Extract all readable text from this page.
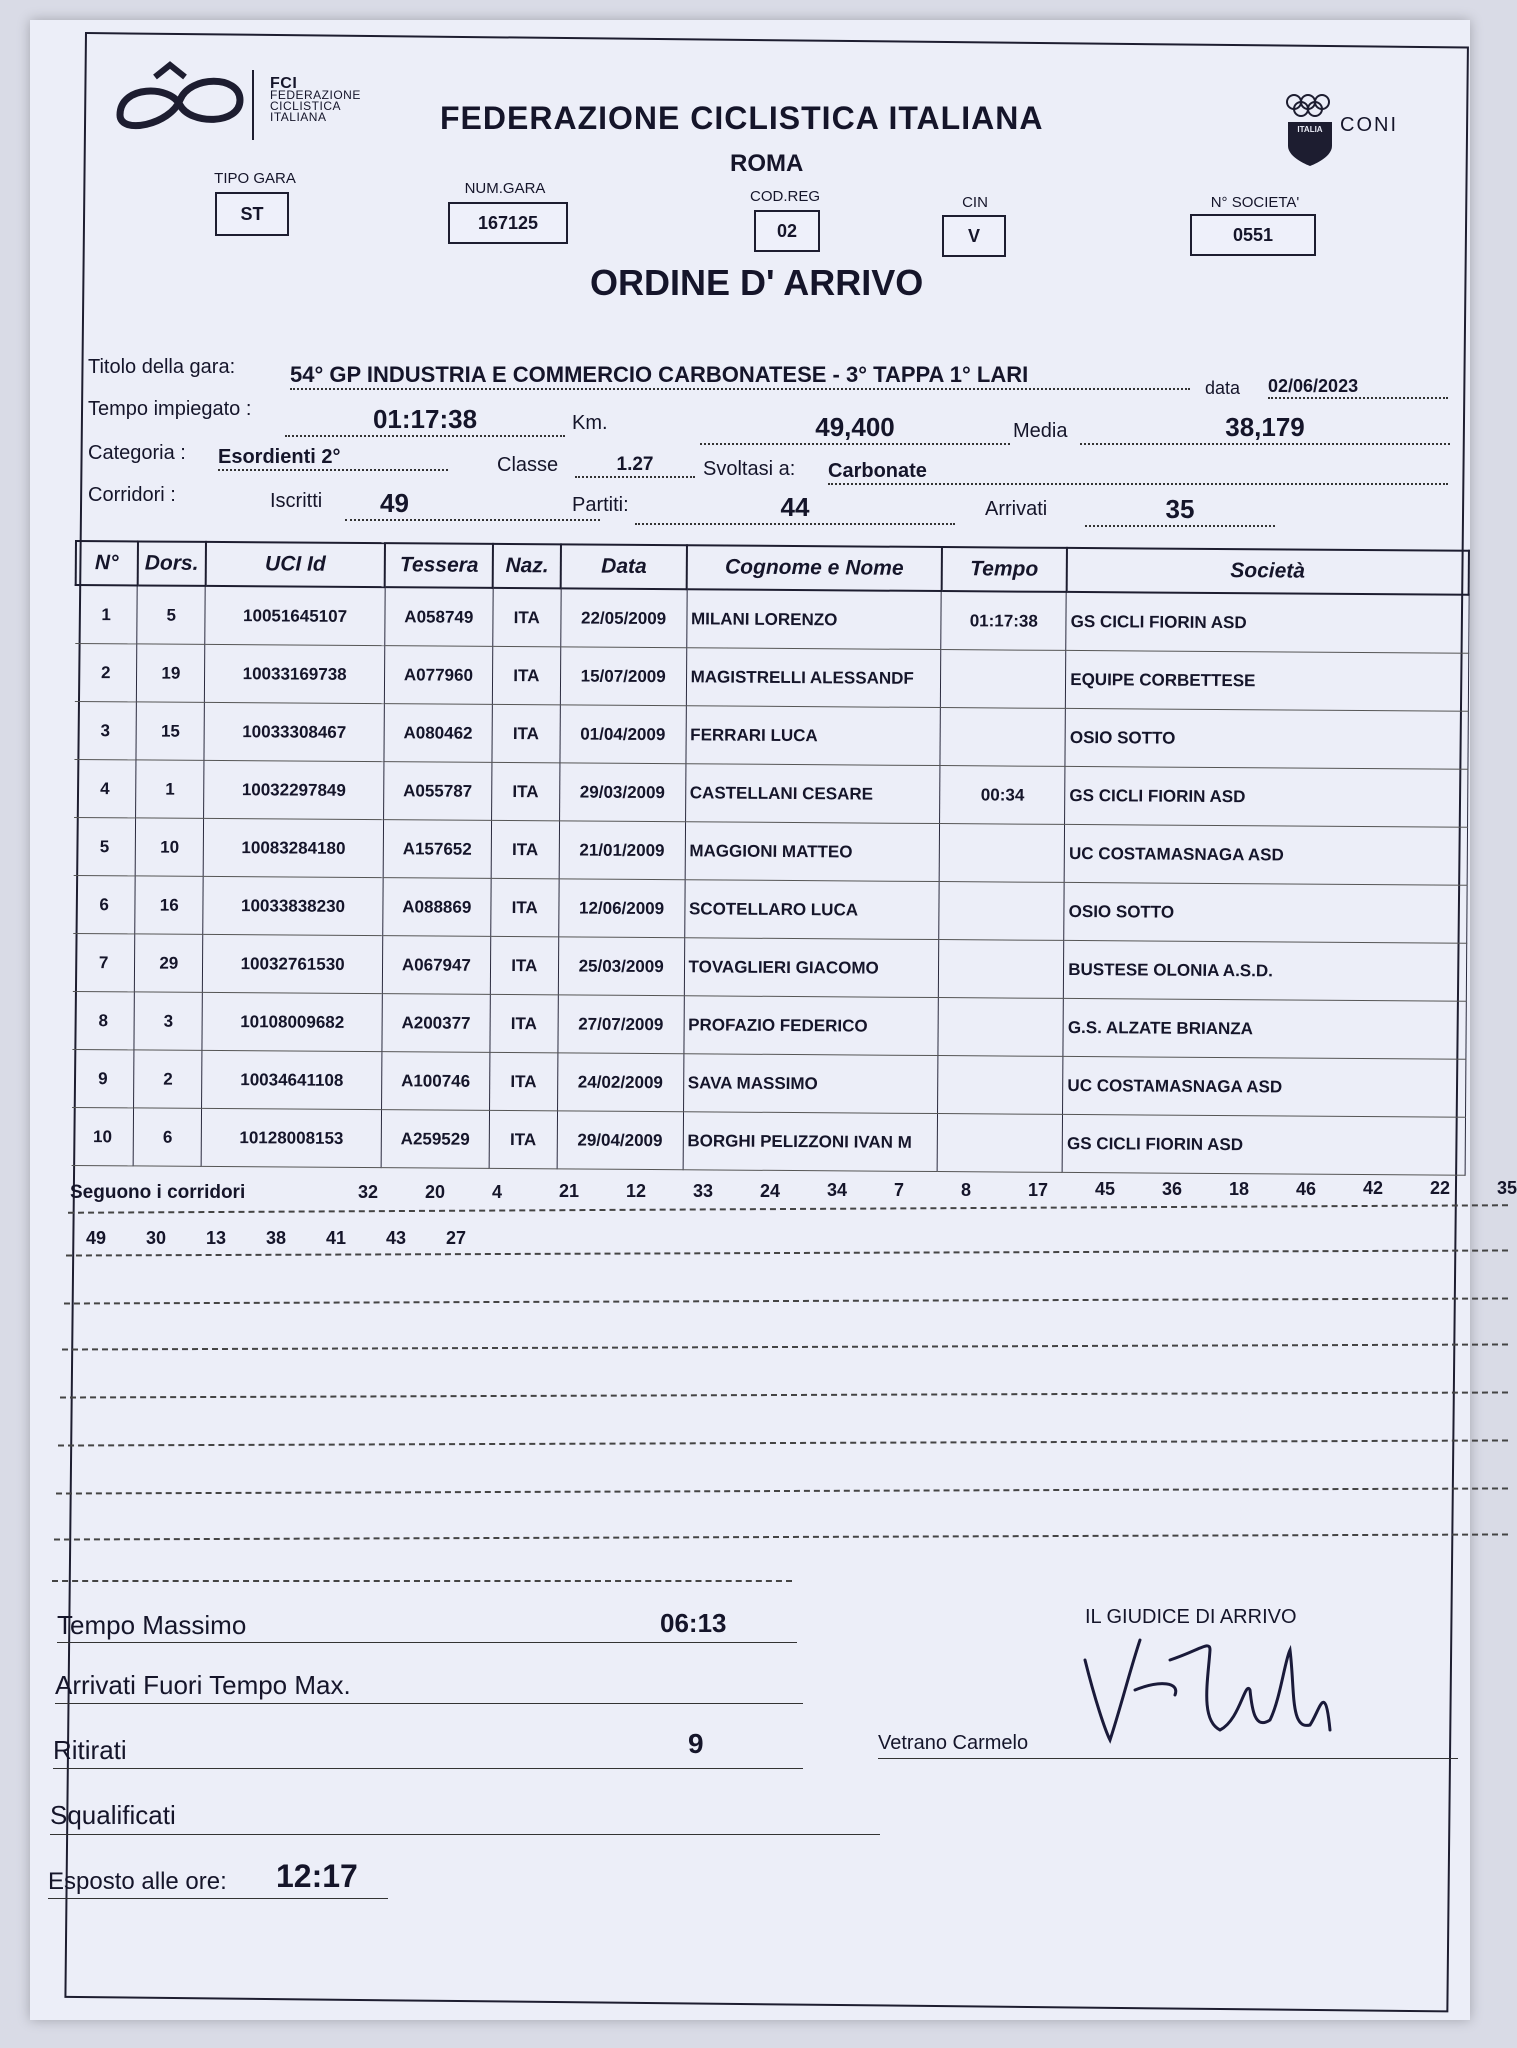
FCI
FEDERAZIONE
CICLISTICA
ITALIANA	FEDERAZIONE CICLISTICA ITALIANA
ROMA
ITALIA CONI
TIPO GARA
ST
NUM.GARA
167125
COD.REG
02
CIN
V
N° SOCIETA'
0551
ORDINE D' ARRIVO
Titolo della gara: 54° GP INDUSTRIA E COMMERCIO CARBONATESE - 3° TAPPA 1° LARI
data 02/06/2023
Tempo impiegato :	01:17:38	Km.	49,400	Media	38,179
Categoria : Esordienti 2°	Classe	1.27	Svoltasi a: Carbonate
Corridori :	Iscritti	49	Partiti:	44	Arrivati	35
N°	Dors.	UCI Id	Tessera	Naz.	Data	Cognome e Nome	Tempo	Società
1	5	10051645107	A058749	ITA	22/05/2009	MILANI LORENZO	01:17:38	GS CICLI FIORIN ASD
2	19	10033169738	A077960	ITA	15/07/2009	MAGISTRELLI ALESSANDF		EQUIPE CORBETTESE
3	15	10033308467	A080462	ITA	01/04/2009	FERRARI LUCA		OSIO SOTTO
4	1	10032297849	A055787	ITA	29/03/2009	CASTELLANI CESARE	00:34	GS CICLI FIORIN ASD
5	10	10083284180	A157652	ITA	21/01/2009	MAGGIONI MATTEO		UC COSTAMASNAGA ASD
6	16	10033838230	A088869	ITA	12/06/2009	SCOTELLARO LUCA		OSIO SOTTO
7	29	10032761530	A067947	ITA	25/03/2009	TOVAGLIERI GIACOMO		BUSTESE OLONIA A.S.D.
8	3	10108009682	A200377	ITA	27/07/2009	PROFAZIO FEDERICO		G.S. ALZATE BRIANZA
9	2	10034641108	A100746	ITA	24/02/2009	SAVA MASSIMO		UC COSTAMASNAGA ASD
10	6	10128008153	A259529	ITA	29/04/2009	BORGHI PELIZZONI IVAN M		GS CICLI FIORIN ASD
Seguono i corridori	32	20	4	21	12	33	24	34	7	8	17	45	36	18	46	42	22	35
49 30 13 38 41 43 27
Tempo Massimo	06:13
Arrivati Fuori Tempo Max.
Ritirati	9
Squalificati
Esposto alle ore: 12:17
IL GIUDICE DI ARRIVO
Vetrano Carmelo
